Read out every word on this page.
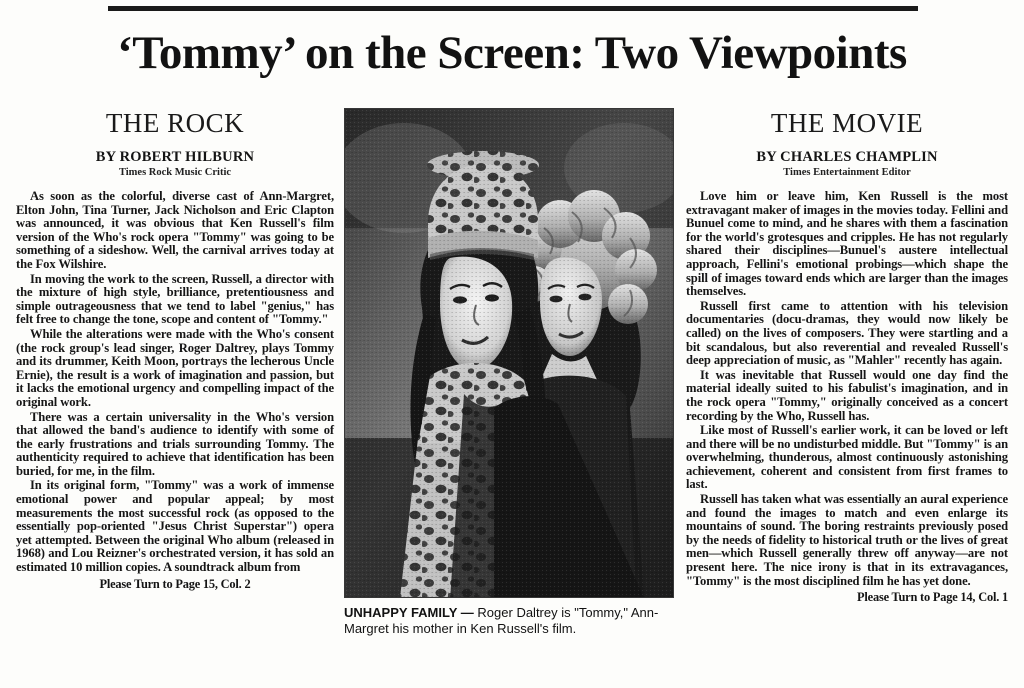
‘Tommy’ on the Screen: Two Viewpoints
THE ROCK
BY ROBERT HILBURN
Times Rock Music Critic

As soon as the colorful, diverse cast of Ann-Margret, Elton John, Tina Turner, Jack Nicholson and Eric Clapton was announced, it was obvious that Ken Russell's film version of the Who's rock opera "Tommy" was going to be something of a sideshow. Well, the carnival arrives today at the Fox Wilshire.

In moving the work to the screen, Russell, a director with the mixture of high style, brilliance, pretentiousness and simple outrageousness that we tend to label "genius," has felt free to change the tone, scope and content of "Tommy."

While the alterations were made with the Who's consent (the rock group's lead singer, Roger Daltrey, plays Tommy and its drummer, Keith Moon, portrays the lecherous Uncle Ernie), the result is a work of imagination and passion, but it lacks the emotional urgency and compelling impact of the original work.

There was a certain universality in the Who's version that allowed the band's audience to identify with some of the early frustrations and trials surrounding Tommy. The authenticity required to achieve that identification has been buried, for me, in the film.

In its original form, "Tommy" was a work of immense emotional power and popular appeal; by most measurements the most successful rock (as opposed to the essentially pop-oriented "Jesus Christ Superstar") opera yet attempted. Between the original Who album (released in 1968) and Lou Reizner's orchestrated version, it has sold an estimated 10 million copies. A soundtrack album from

Please Turn to Page 15, Col. 2
UNHAPPY FAMILY — Roger Daltrey is "Tommy," Ann-Margret his mother in Ken Russell's film.
THE MOVIE
BY CHARLES CHAMPLIN
Times Entertainment Editor

Love him or leave him, Ken Russell is the most extravagant maker of images in the movies today. Fellini and Bunuel come to mind, and he shares with them a fascination for the world's grotesques and cripples. He has not regularly shared their disciplines—Bunuel's austere intellectual approach, Fellini's emotional probings—which shape the spill of images toward ends which are larger than the images themselves.

Russell first came to attention with his television documentaries (docu-dramas, they would now likely be called) on the lives of composers. They were startling and a bit scandalous, but also reverential and revealed Russell's deep appreciation of music, as "Mahler" recently has again.

It was inevitable that Russell would one day find the material ideally suited to his fabulist's imagination, and in the rock opera "Tommy," originally conceived as a concert recording by the Who, Russell has.

Like most of Russell's earlier work, it can be loved or left and there will be no undisturbed middle. But "Tommy" is an overwhelming, thunderous, almost continuously astonishing achievement, coherent and consistent from first frames to last.

Russell has taken what was essentially an aural experience and found the images to match and even enlarge its mountains of sound. The boring restraints previously posed by the needs of fidelity to historical truth or the lives of great men—which Russell generally threw off anyway—are not present here. The nice irony is that in its extravagances, "Tommy" is the most disciplined film he has yet done.

Please Turn to Page 14, Col. 1
